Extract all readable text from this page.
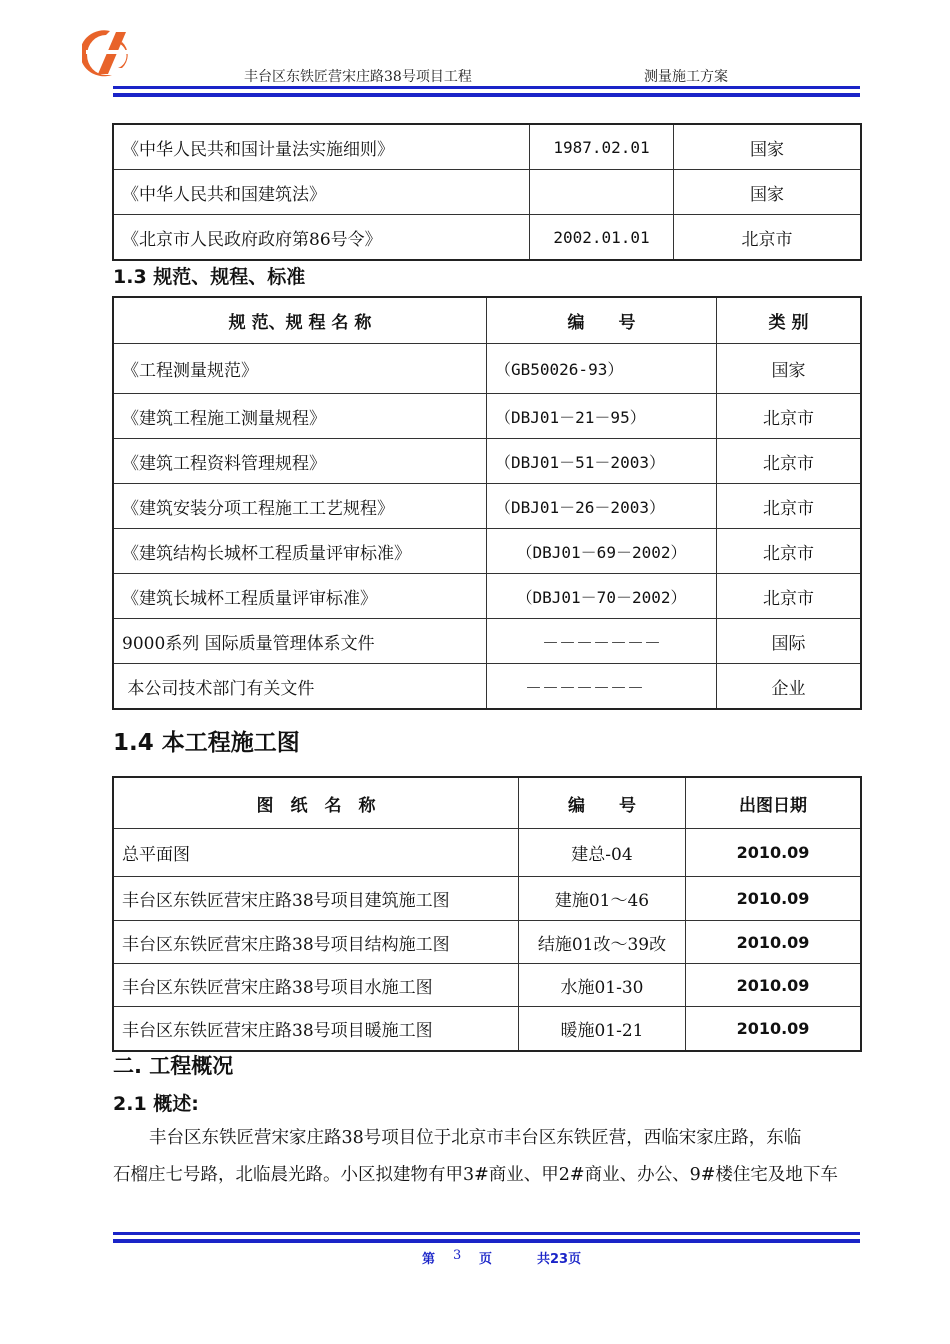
丰台区东铁匠营宋庄路38号项目工程	测量施工方案
《中华人民共和国计量法实施细则》	1987.02.01	国家
《中华人民共和国建筑法》		国家
《北京市人民政府政府第86号令》	2002.01.01	北京市
1.3 规范、规程、标准
规 范、规 程 名 称	编　　号	类 别
《工程测量规范》	（GB50026-93）	国家
《建筑工程施工测量规程》	（DBJ01－21－95）	北京市
《建筑工程资料管理规程》	（DBJ01－51－2003）	北京市
《建筑安装分项工程施工工艺规程》	（DBJ01－26－2003）	北京市
《建筑结构长城杯工程质量评审标准》	（DBJ01－69－2002）	北京市
《建筑长城杯工程质量评审标准》	（DBJ01－70－2002）	北京市
9000系列 国际质量管理体系文件	－－－－－－－	国际
本公司技术部门有关文件	－－－－－－－	企业
1.4 本工程施工图
图　纸　名　称	编　　号	出图日期
总平面图	建总-04	2010.09
丰台区东铁匠营宋庄路38号项目建筑施工图	建施01～46	2010.09
丰台区东铁匠营宋庄路38号项目结构施工图	结施01改～39改	2010.09
丰台区东铁匠营宋庄路38号项目水施工图	水施01-30	2010.09
丰台区东铁匠营宋庄路38号项目暖施工图	暖施01-21	2010.09
二. 工程概况
2.1 概述:
丰台区东铁匠营宋家庄路38号项目位于北京市丰台区东铁匠营，西临宋家庄路，东临
石榴庄七号路，北临晨光路。小区拟建物有甲3#商业、甲2#商业、办公、9#楼住宅及地下车
第 3 页	共23页
